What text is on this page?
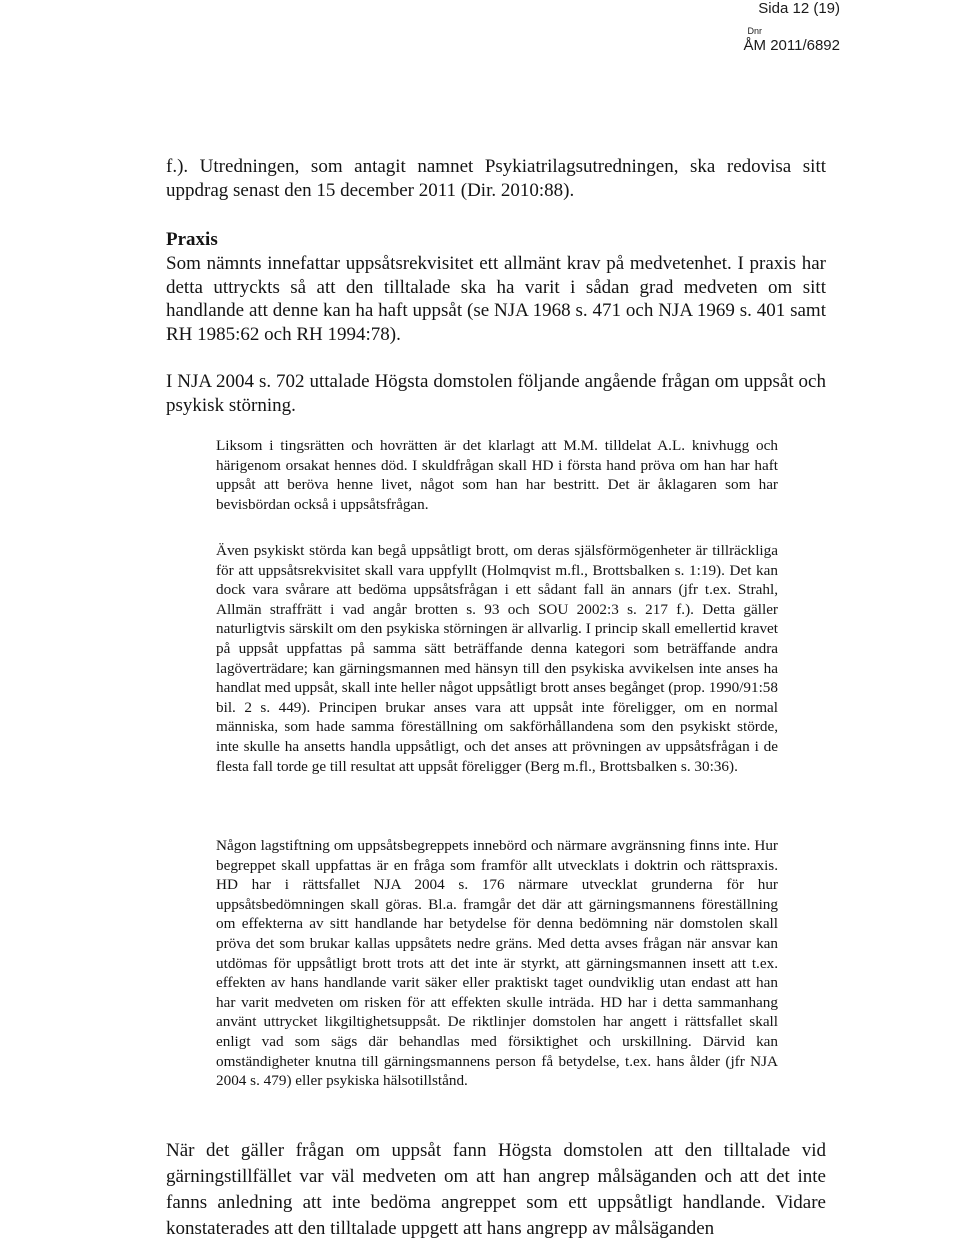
Sida 12 (19)
Dnr
ÅM 2011/6892

f.). Utredningen, som antagit namnet Psykiatrilagsutredningen, ska redovisa sitt uppdrag senast den 15 december 2011 (Dir. 2010:88).

Praxis

Som nämnts innefattar uppsåtsrekvisitet ett allmänt krav på medvetenhet. I praxis har detta uttryckts så att den tilltalade ska ha varit i sådan grad medveten om sitt handlande att denne kan ha haft uppsåt (se NJA 1968 s. 471 och NJA 1969 s. 401 samt RH 1985:62 och RH 1994:78).

I NJA 2004 s. 702 uttalade Högsta domstolen följande angående frågan om uppsåt och psykisk störning.

Liksom i tingsrätten och hovrätten är det klarlagt att M.M. tilldelat A.L. knivhugg och härigenom orsakat hennes död. I skuldfrågan skall HD i första hand pröva om han har haft uppsåt att beröva henne livet, något som han har bestritt. Det är åklagaren som har bevisbördan också i uppsåtsfrågan.

Även psykiskt störda kan begå uppsåtligt brott, om deras själsförmögenheter är tillräckliga för att uppsåtsrekvisitet skall vara uppfyllt (Holmqvist m.fl., Brottsbalken s. 1:19). Det kan dock vara svårare att bedöma uppsåtsfrågan i ett sådant fall än annars (jfr t.ex. Strahl, Allmän straffrätt i vad angår brotten s. 93 och SOU 2002:3 s. 217 f.). Detta gäller naturligtvis särskilt om den psykiska störningen är allvarlig. I princip skall emellertid kravet på uppsåt uppfattas på samma sätt beträffande denna kategori som beträffande andra lagöverträdare; kan gärningsmannen med hänsyn till den psykiska avvikelsen inte anses ha handlat med uppsåt, skall inte heller något uppsåtligt brott anses begånget (prop. 1990/91:58 bil. 2 s. 449). Principen brukar anses vara att uppsåt inte föreligger, om en normal människa, som hade samma föreställning om sakförhållandena som den psykiskt störde, inte skulle ha ansetts handla uppsåtligt, och det anses att prövningen av uppsåtsfrågan i de flesta fall torde ge till resultat att uppsåt föreligger (Berg m.fl., Brottsbalken s. 30:36).

Någon lagstiftning om uppsåtsbegreppets innebörd och närmare avgränsning finns inte. Hur begreppet skall uppfattas är en fråga som framför allt utvecklats i doktrin och rättspraxis. HD har i rättsfallet NJA 2004 s. 176 närmare utvecklat grunderna för hur uppsåtsbedömningen skall göras. Bl.a. framgår det där att gärningsmannens föreställning om effekterna av sitt handlande har betydelse för denna bedömning när domstolen skall pröva det som brukar kallas uppsåtets nedre gräns. Med detta avses frågan när ansvar kan utdömas för uppsåtligt brott trots att det inte är styrkt, att gärningsmannen insett att t.ex. effekten av hans handlande varit säker eller praktiskt taget oundviklig utan endast att han har varit medveten om risken för att effekten skulle inträda. HD har i detta sammanhang använt uttrycket likgiltighetsuppsåt. De riktlinjer domstolen har angett i rättsfallet skall enligt vad som sägs där behandlas med försiktighet och urskillning. Därvid kan omständigheter knutna till gärningsmannens person få betydelse, t.ex. hans ålder (jfr NJA 2004 s. 479) eller psykiska hälsotillstånd.

När det gäller frågan om uppsåt fann Högsta domstolen att den tilltalade vid gärningstillfället var väl medveten om att han angrep målsäganden och att det inte fanns anledning att inte bedöma angreppet som ett uppsåtligt handlande. Vidare konstaterades att den tilltalade uppgett att hans angrepp av målsäganden
